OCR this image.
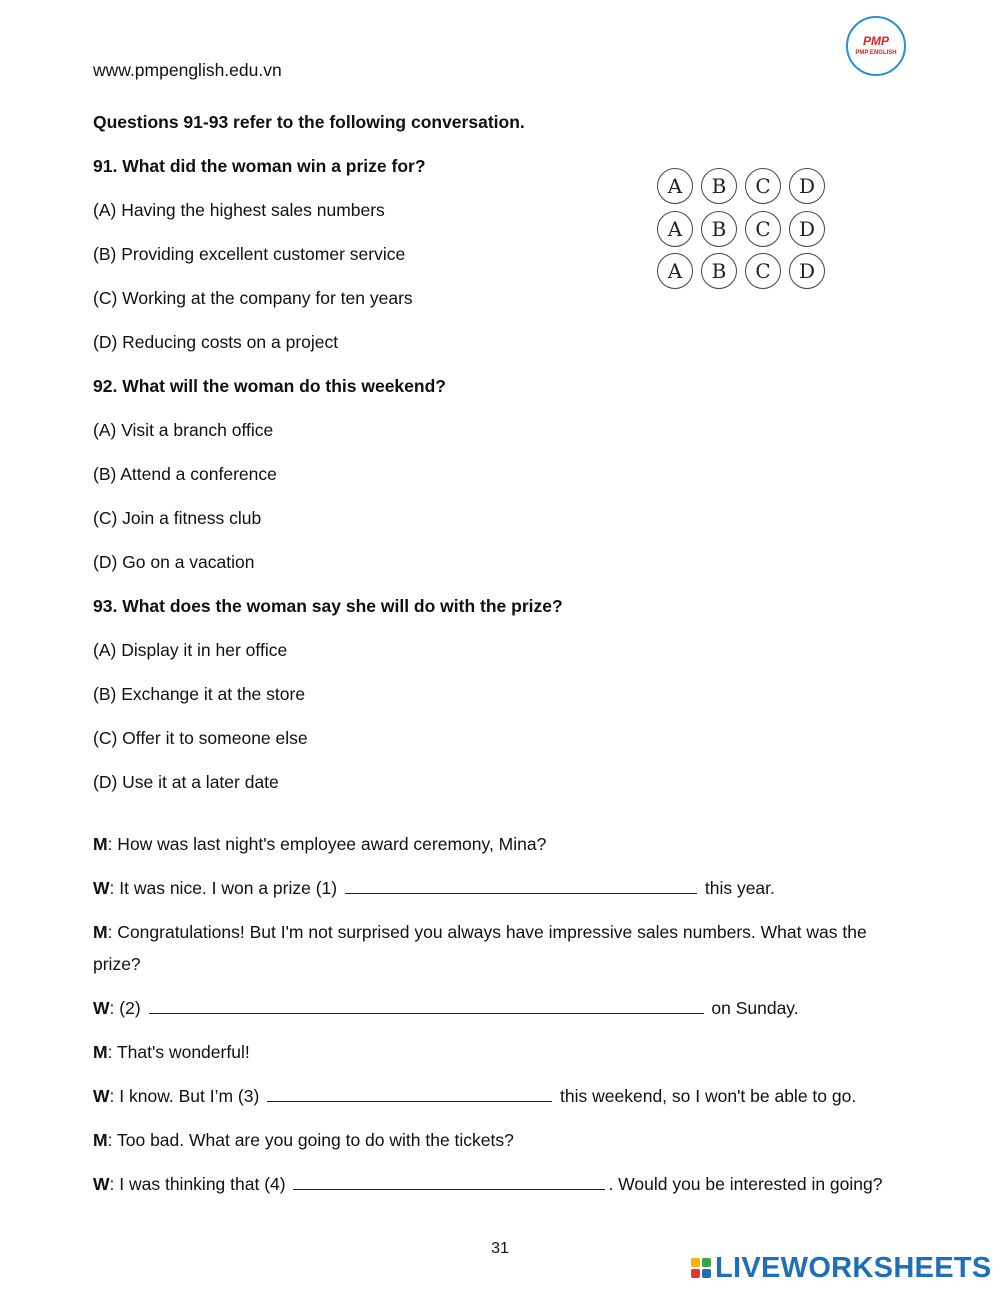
www.pmpenglish.edu.vn
PMP
PMP ENGLISH
Questions 91-93 refer to the following conversation.
91. What did the woman win a prize for?
(A) Having the highest sales numbers
(B) Providing excellent customer service
(C) Working at the company for ten years
(D) Reducing costs on a project
92. What will the woman do this weekend?
(A) Visit a branch office
(B) Attend a conference
(C) Join a fitness club
(D) Go on a vacation
93. What does the woman say she will do with the prize?
(A) Display it in her office
(B) Exchange it at the store
(C) Offer it to someone else
(D) Use it at a later date
A	B	C	D
A	B	C	D
A	B	C	D
M: How was last night's employee award ceremony, Mina?
W: It was nice. I won a prize (1)	this year.
M: Congratulations! But I'm not surprised you always have impressive sales numbers. What was the
prize?
W: (2)	on Sunday.
M: That's wonderful!
W: I know. But I’m (3)	this weekend, so I won't be able to go.
M: Too bad. What are you going to do with the tickets?
W: I was thinking that (4)	. Would you be interested in going?
31
LIVEWORKSHEETS
